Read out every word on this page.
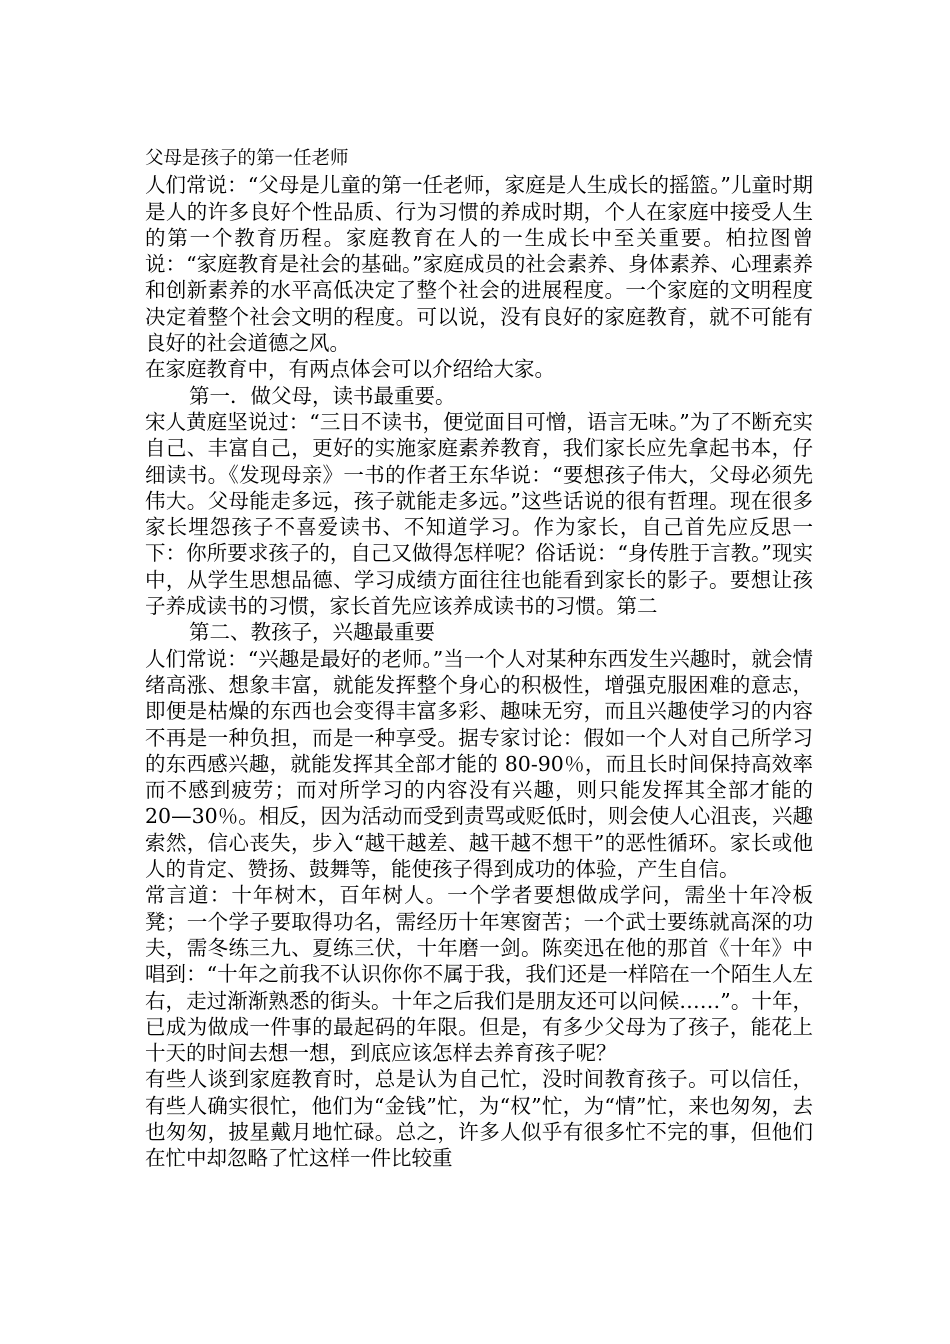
父母是孩子的第一任老师

人们常说：“父母是儿童的第一任老师，家庭是人生成长的摇篮。”儿童时期是人的许多良好个性品质、行为习惯的养成时期，个人在家庭中接受人生的第一个教育历程。家庭教育在人的一生成长中至关重要。柏拉图曾说：“家庭教育是社会的基础。”家庭成员的社会素养、身体素养、心理素养和创新素养的水平高低决定了整个社会的进展程度。一个家庭的文明程度决定着整个社会文明的程度。可以说，没有良好的家庭教育，就不可能有良好的社会道德之风。

在家庭教育中，有两点体会可以介绍给大家。

第一．做父母，读书最重要。

宋人黄庭坚说过：“三日不读书，便觉面目可憎，语言无味。”为了不断充实自己、丰富自己，更好的实施家庭素养教育，我们家长应先拿起书本，仔细读书。《发现母亲》一书的作者王东华说：“要想孩子伟大，父母必须先伟大。父母能走多远，孩子就能走多远。”这些话说的很有哲理。现在很多家长埋怨孩子不喜爱读书、不知道学习。作为家长，自己首先应反思一下：你所要求孩子的，自己又做得怎样呢？俗话说：“身传胜于言教。”现实中，从学生思想品德、学习成绩方面往往也能看到家长的影子。要想让孩子养成读书的习惯，家长首先应该养成读书的习惯。第二

第二、教孩子，兴趣最重要

人们常说：“兴趣是最好的老师。”当一个人对某种东西发生兴趣时，就会情绪高涨、想象丰富，就能发挥整个身心的积极性，增强克服困难的意志，即便是枯燥的东西也会变得丰富多彩、趣味无穷，而且兴趣使学习的内容不再是一种负担，而是一种享受。据专家讨论：假如一个人对自己所学习的东西感兴趣，就能发挥其全部才能的 80-90％，而且长时间保持高效率而不感到疲劳；而对所学习的内容没有兴趣，则只能发挥其全部才能的 20—30％。相反，因为活动而受到责骂或贬低时，则会使人心沮丧，兴趣索然，信心丧失，步入“越干越差、越干越不想干”的恶性循环。家长或他人的肯定、赞扬、鼓舞等，能使孩子得到成功的体验，产生自信。

常言道：十年树木，百年树人。一个学者要想做成学问，需坐十年冷板凳；一个学子要取得功名，需经历十年寒窗苦；一个武士要练就高深的功夫，需冬练三九、夏练三伏，十年磨一剑。陈奕迅在他的那首《十年》中唱到：“十年之前我不认识你你不属于我，我们还是一样陪在一个陌生人左右，走过渐渐熟悉的街头。十年之后我们是朋友还可以问候……”。十年，已成为做成一件事的最起码的年限。但是，有多少父母为了孩子，能花上十天的时间去想一想，到底应该怎样去养育孩子呢？

有些人谈到家庭教育时，总是认为自己忙，没时间教育孩子。可以信任，有些人确实很忙，他们为“金钱”忙，为“权”忙，为“情”忙，来也匆匆，去也匆匆，披星戴月地忙碌。总之，许多人似乎有很多忙不完的事，但他们在忙中却忽略了忙这样一件比较重
